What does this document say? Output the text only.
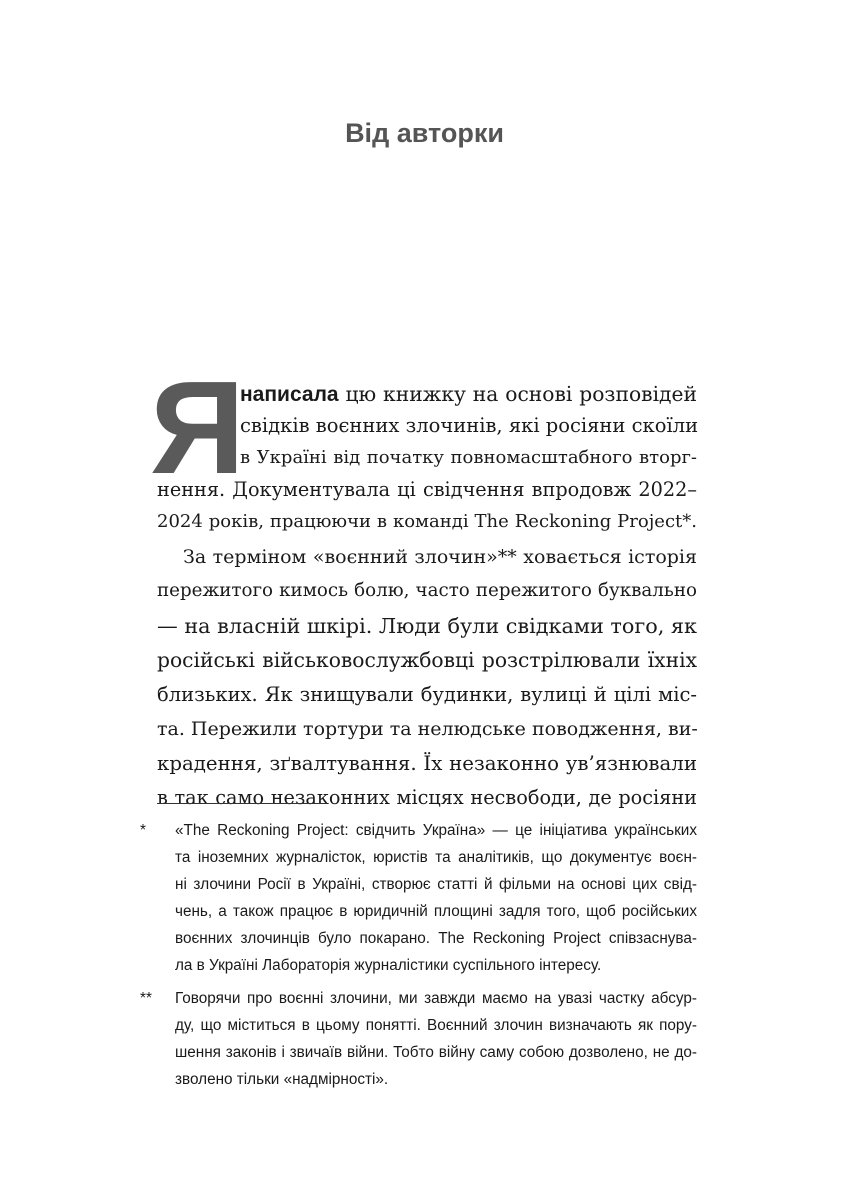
Від авторки
Я
написала цю книжку на основі розповідей
свідків воєнних злочинів, які росіяни скоїли
в Україні від початку повномасштабного вторг-
нення. Документувала ці свідчення впродовж 2022–
2024 років, працюючи в команді The Reckoning Project*.
За терміном «воєнний злочин»** ховається історія
пережитого кимось болю, часто пережитого буквально
— на власній шкірі. Люди були свідками того, як
російські військовослужбовці розстрілювали їхніх
близьких. Як знищували будинки, вулиці й цілі міс-
та. Пережили тортури та нелюдське поводження, ви-
крадення, зґвалтування. Їх незаконно ув’язнювали
в так само незаконних місцях несвободи, де росіяни
* «The Reckoning Project: свідчить Україна» — це ініціатива українських
та іноземних журналісток, юристів та аналітиків, що документує воєн-
ні злочини Росії в Україні, створює статті й фільми на основі цих свід-
чень, а також працює в юридичній площині задля того, щоб російських
воєнних злочинців було покарано. The Reckoning Project співзаснува-
ла в Україні Лабораторія журналістики суспільного інтересу.
** Говорячи про воєнні злочини, ми завжди маємо на увазі частку абсур-
ду, що міститься в цьому понятті. Воєнний злочин визначають як пору-
шення законів і звичаїв війни. Тобто війну саму собою дозволено, не до-
зволено тільки «надмірності».
